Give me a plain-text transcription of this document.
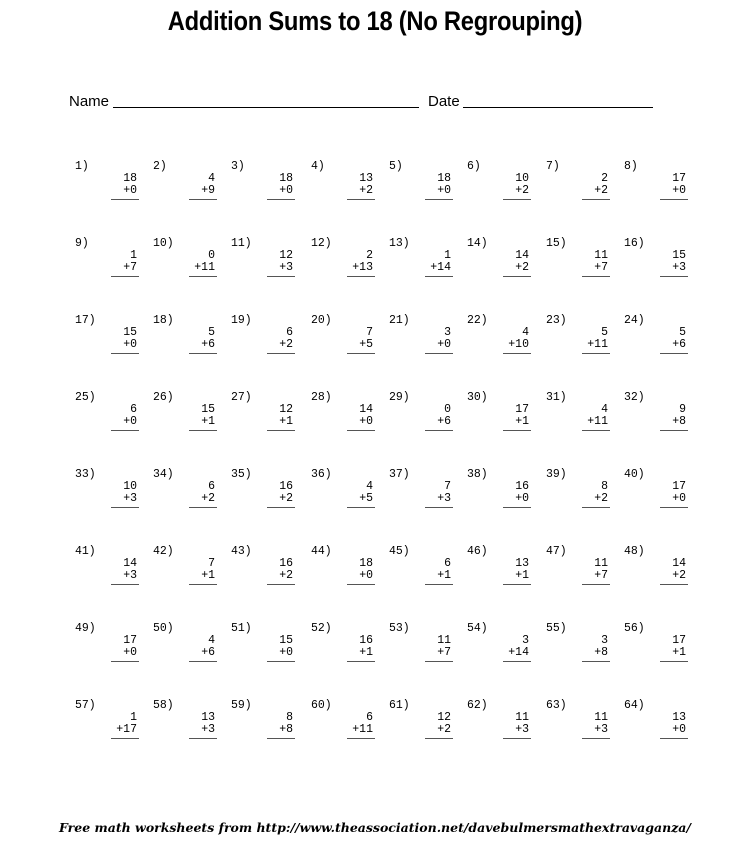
Addition Sums to 18 (No Regrouping)
Name	Date
1)
18
+0
2)
4
+9
3)
18
+0
4)
13
+2
5)
18
+0
6)
10
+2
7)
2
+2
8)
17
+0
9)
1
+7
10)
0
+11
11)
12
+3
12)
2
+13
13)
1
+14
14)
14
+2
15)
11
+7
16)
15
+3
17)
15
+0
18)
5
+6
19)
6
+2
20)
7
+5
21)
3
+0
22)
4
+10
23)
5
+11
24)
5
+6
25)
6
+0
26)
15
+1
27)
12
+1
28)
14
+0
29)
0
+6
30)
17
+1
31)
4
+11
32)
9
+8
33)
10
+3
34)
6
+2
35)
16
+2
36)
4
+5
37)
7
+3
38)
16
+0
39)
8
+2
40)
17
+0
41)
14
+3
42)
7
+1
43)
16
+2
44)
18
+0
45)
6
+1
46)
13
+1
47)
11
+7
48)
14
+2
49)
17
+0
50)
4
+6
51)
15
+0
52)
16
+1
53)
11
+7
54)
3
+14
55)
3
+8
56)
17
+1
57)
1
+17
58)
13
+3
59)
8
+8
60)
6
+11
61)
12
+2
62)
11
+3
63)
11
+3
64)
13
+0
Free math worksheets from http://www.theassociation.net/davebulmersmathextravaganza/
